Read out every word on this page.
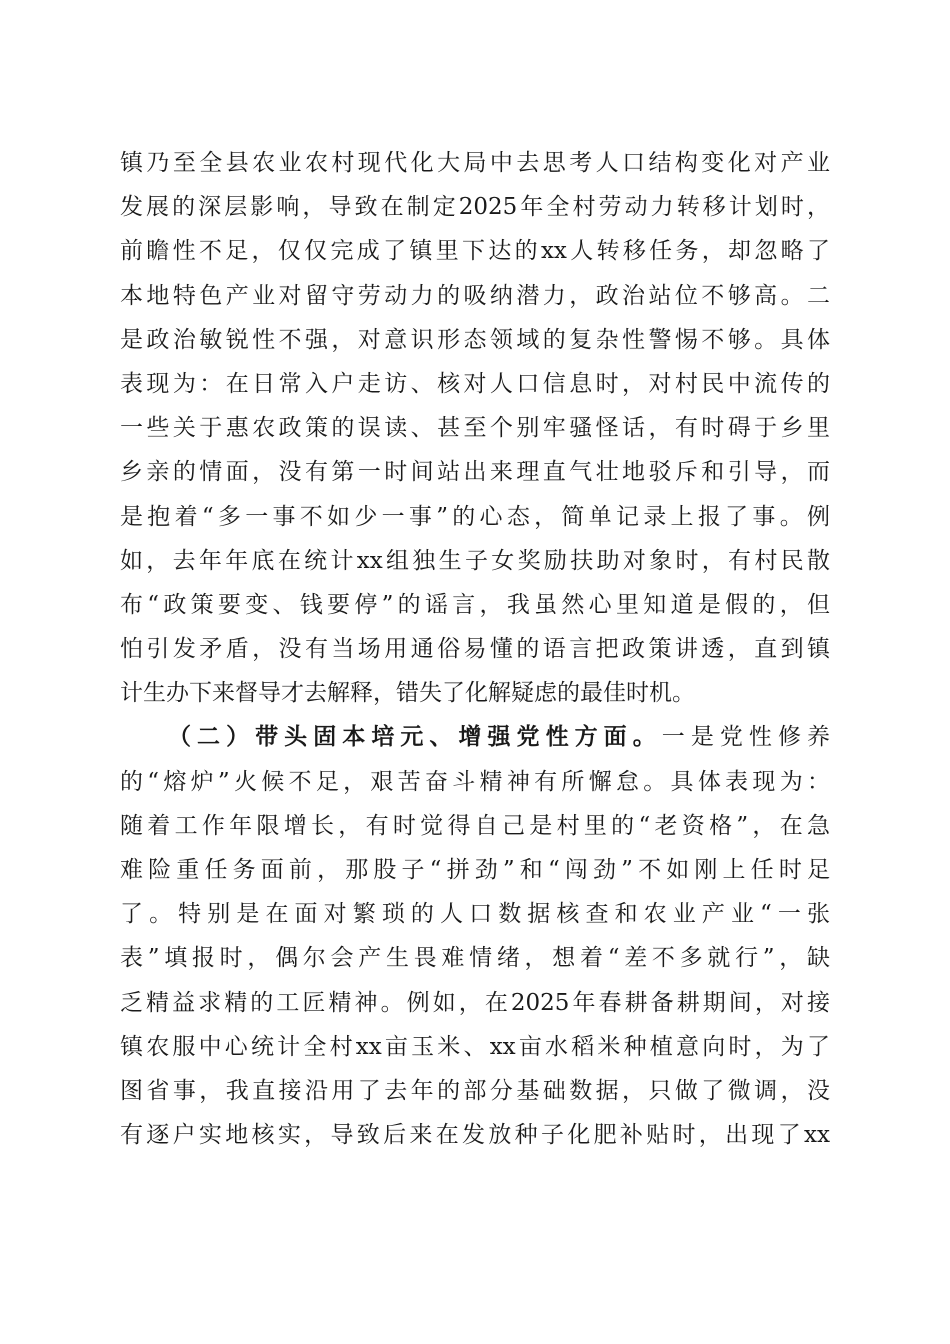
镇乃至全县农业农村现代化大局中去思考人口结构变化对产业
发展的深层影响，导致在制定2025年全村劳动力转移计划时，
前瞻性不足，仅仅完成了镇里下达的xx人转移任务，却忽略了
本地特色产业对留守劳动力的吸纳潜力，政治站位不够高。二
是政治敏锐性不强，对意识形态领域的复杂性警惕不够。具体
表现为：在日常入户走访、核对人口信息时，对村民中流传的
一些关于惠农政策的误读、甚至个别牢骚怪话，有时碍于乡里
乡亲的情面，没有第一时间站出来理直气壮地驳斥和引导，而
是抱着“多一事不如少一事”的心态，简单记录上报了事。例
如，去年年底在统计xx组独生子女奖励扶助对象时，有村民散
布“政策要变、钱要停”的谣言，我虽然心里知道是假的，但
怕引发矛盾，没有当场用通俗易懂的语言把政策讲透，直到镇
计生办下来督导才去解释，错失了化解疑虑的最佳时机。
（二）带头固本培元、增强党性方面。一是党性修养
的“熔炉”火候不足，艰苦奋斗精神有所懈怠。具体表现为：
随着工作年限增长，有时觉得自己是村里的“老资格”，在急
难险重任务面前，那股子“拼劲”和“闯劲”不如刚上任时足
了。特别是在面对繁琐的人口数据核查和农业产业“一张
表”填报时，偶尔会产生畏难情绪，想着“差不多就行”，缺
乏精益求精的工匠精神。例如，在2025年春耕备耕期间，对接
镇农服中心统计全村xx亩玉米、xx亩水稻米种植意向时，为了
图省事，我直接沿用了去年的部分基础数据，只做了微调，没
有逐户实地核实，导致后来在发放种子化肥补贴时，出现了xx
